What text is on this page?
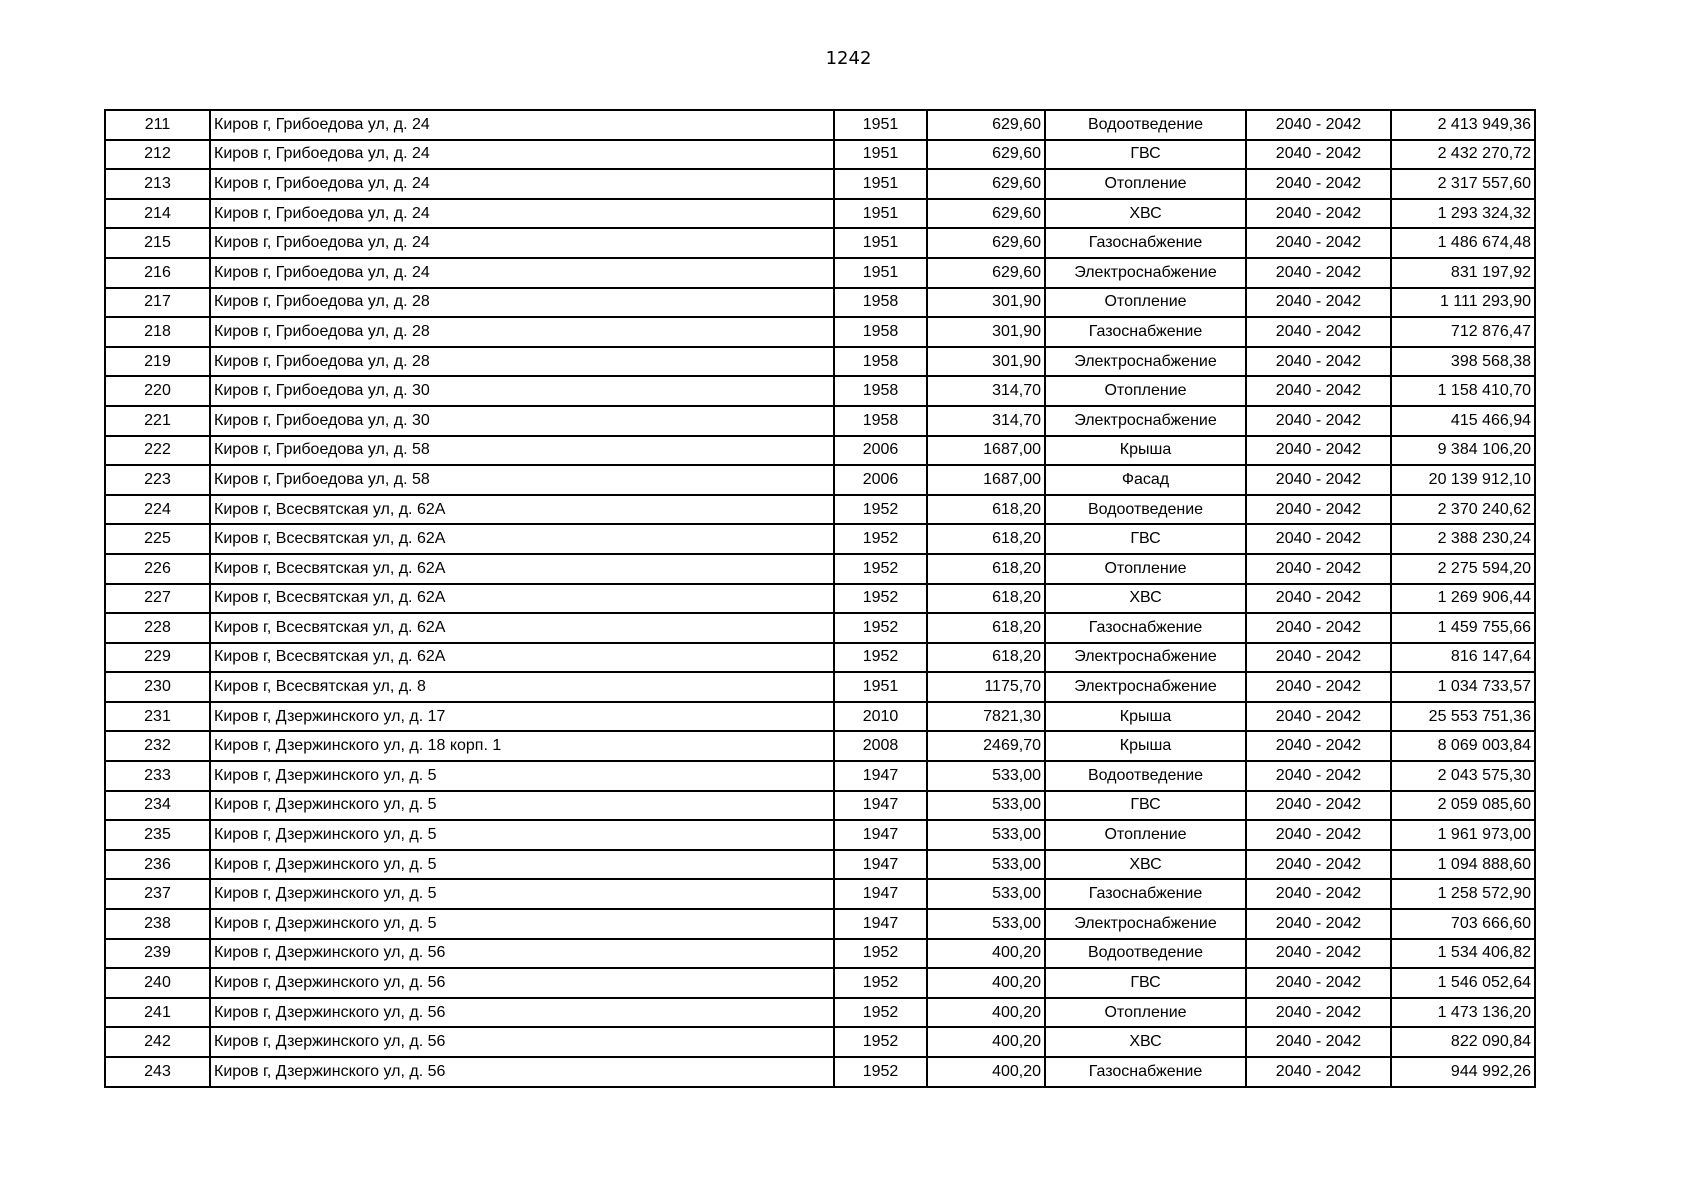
1242
211	Киров г, Грибоедова ул, д. 24	1951	629,60	Водоотведение	2040 - 2042	2 413 949,36
212	Киров г, Грибоедова ул, д. 24	1951	629,60	ГВС	2040 - 2042	2 432 270,72
213	Киров г, Грибоедова ул, д. 24	1951	629,60	Отопление	2040 - 2042	2 317 557,60
214	Киров г, Грибоедова ул, д. 24	1951	629,60	ХВС	2040 - 2042	1 293 324,32
215	Киров г, Грибоедова ул, д. 24	1951	629,60	Газоснабжение	2040 - 2042	1 486 674,48
216	Киров г, Грибоедова ул, д. 24	1951	629,60	Электроснабжение	2040 - 2042	831 197,92
217	Киров г, Грибоедова ул, д. 28	1958	301,90	Отопление	2040 - 2042	1 111 293,90
218	Киров г, Грибоедова ул, д. 28	1958	301,90	Газоснабжение	2040 - 2042	712 876,47
219	Киров г, Грибоедова ул, д. 28	1958	301,90	Электроснабжение	2040 - 2042	398 568,38
220	Киров г, Грибоедова ул, д. 30	1958	314,70	Отопление	2040 - 2042	1 158 410,70
221	Киров г, Грибоедова ул, д. 30	1958	314,70	Электроснабжение	2040 - 2042	415 466,94
222	Киров г, Грибоедова ул, д. 58	2006	1687,00	Крыша	2040 - 2042	9 384 106,20
223	Киров г, Грибоедова ул, д. 58	2006	1687,00	Фасад	2040 - 2042	20 139 912,10
224	Киров г, Всесвятская ул, д. 62А	1952	618,20	Водоотведение	2040 - 2042	2 370 240,62
225	Киров г, Всесвятская ул, д. 62А	1952	618,20	ГВС	2040 - 2042	2 388 230,24
226	Киров г, Всесвятская ул, д. 62А	1952	618,20	Отопление	2040 - 2042	2 275 594,20
227	Киров г, Всесвятская ул, д. 62А	1952	618,20	ХВС	2040 - 2042	1 269 906,44
228	Киров г, Всесвятская ул, д. 62А	1952	618,20	Газоснабжение	2040 - 2042	1 459 755,66
229	Киров г, Всесвятская ул, д. 62А	1952	618,20	Электроснабжение	2040 - 2042	816 147,64
230	Киров г, Всесвятская ул, д. 8	1951	1175,70	Электроснабжение	2040 - 2042	1 034 733,57
231	Киров г, Дзержинского ул, д. 17	2010	7821,30	Крыша	2040 - 2042	25 553 751,36
232	Киров г, Дзержинского ул, д. 18 корп. 1	2008	2469,70	Крыша	2040 - 2042	8 069 003,84
233	Киров г, Дзержинского ул, д. 5	1947	533,00	Водоотведение	2040 - 2042	2 043 575,30
234	Киров г, Дзержинского ул, д. 5	1947	533,00	ГВС	2040 - 2042	2 059 085,60
235	Киров г, Дзержинского ул, д. 5	1947	533,00	Отопление	2040 - 2042	1 961 973,00
236	Киров г, Дзержинского ул, д. 5	1947	533,00	ХВС	2040 - 2042	1 094 888,60
237	Киров г, Дзержинского ул, д. 5	1947	533,00	Газоснабжение	2040 - 2042	1 258 572,90
238	Киров г, Дзержинского ул, д. 5	1947	533,00	Электроснабжение	2040 - 2042	703 666,60
239	Киров г, Дзержинского ул, д. 56	1952	400,20	Водоотведение	2040 - 2042	1 534 406,82
240	Киров г, Дзержинского ул, д. 56	1952	400,20	ГВС	2040 - 2042	1 546 052,64
241	Киров г, Дзержинского ул, д. 56	1952	400,20	Отопление	2040 - 2042	1 473 136,20
242	Киров г, Дзержинского ул, д. 56	1952	400,20	ХВС	2040 - 2042	822 090,84
243	Киров г, Дзержинского ул, д. 56	1952	400,20	Газоснабжение	2040 - 2042	944 992,26
